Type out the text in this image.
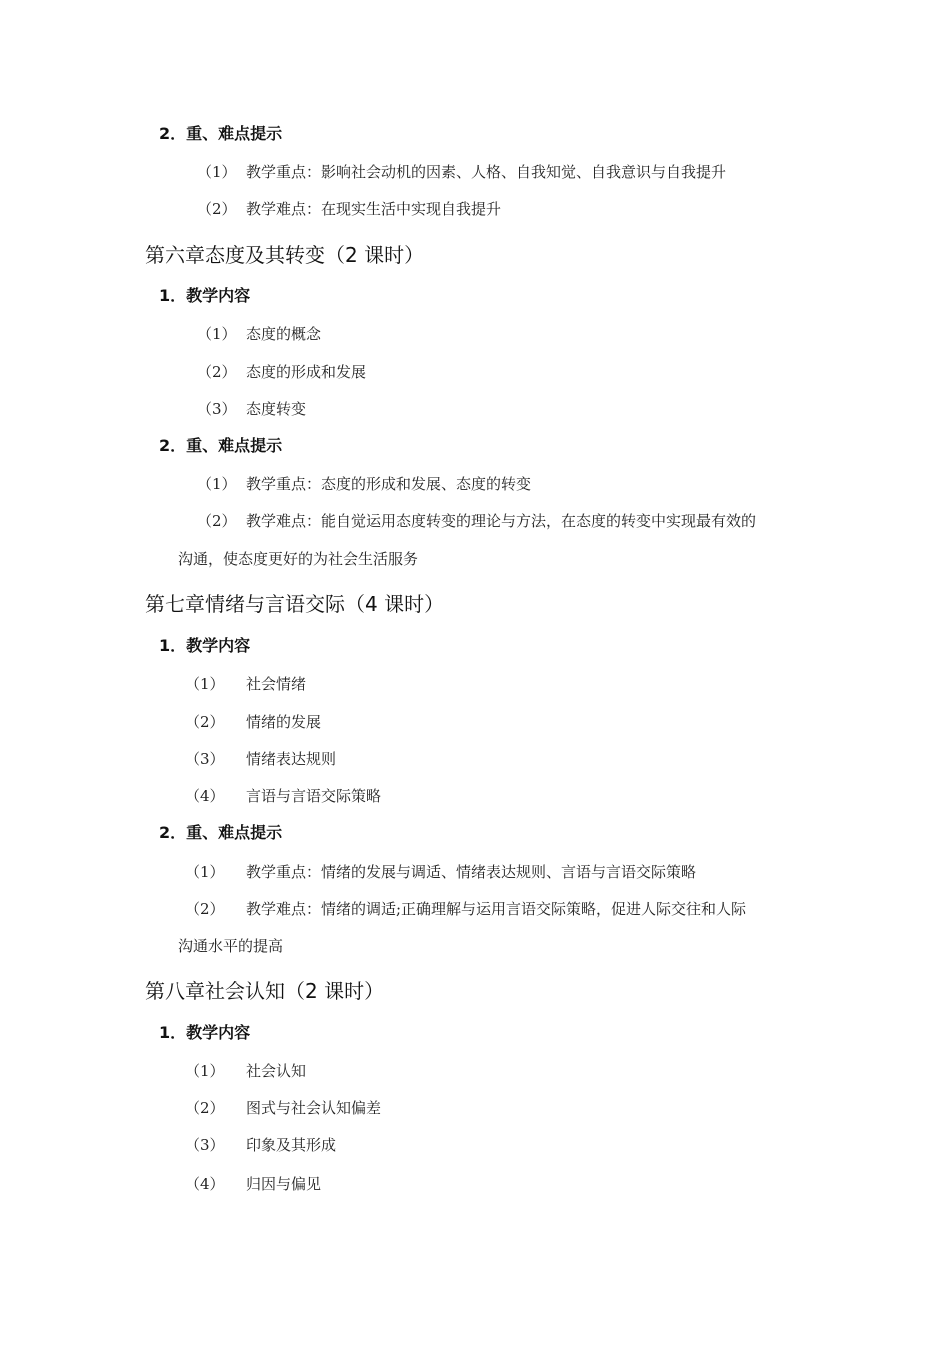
2．重、难点提示
（1） 教学重点：影响社会动机的因素、人格、自我知觉、自我意识与自我提升
（2） 教学难点：在现实生活中实现自我提升
第六章态度及其转变（2 课时）
1．教学内容
（1） 态度的概念
（2） 态度的形成和发展
（3） 态度转变
2．重、难点提示
（1） 教学重点：态度的形成和发展、态度的转变
（2） 教学难点：能自觉运用态度转变的理论与方法，在态度的转变中实现最有效的
沟通，使态度更好的为社会生活服务
第七章情绪与言语交际（4 课时）
1．教学内容
（1） 社会情绪
（2） 情绪的发展
（3） 情绪表达规则
（4） 言语与言语交际策略
2．重、难点提示
（1） 教学重点：情绪的发展与调适、情绪表达规则、言语与言语交际策略
（2） 教学难点：情绪的调适;正确理解与运用言语交际策略，促进人际交往和人际
沟通水平的提高
第八章社会认知（2 课时）
1．教学内容
（1） 社会认知
（2） 图式与社会认知偏差
（3） 印象及其形成
（4） 归因与偏见
